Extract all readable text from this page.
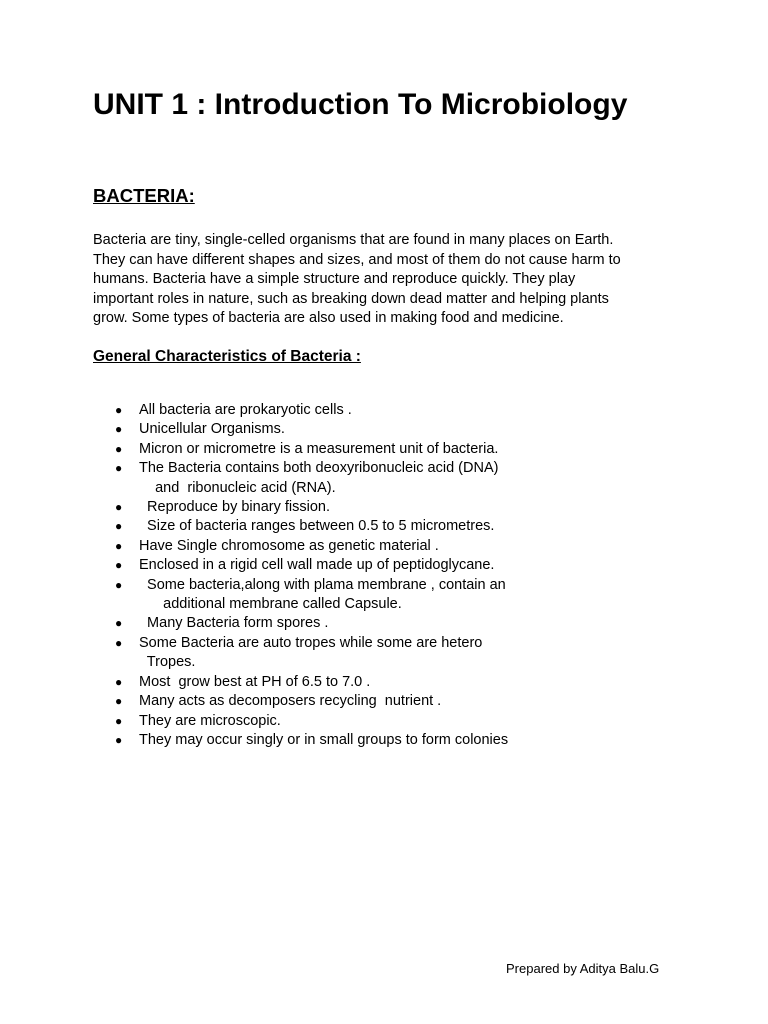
UNIT 1 : Introduction To Microbiology
BACTERIA:

Bacteria are tiny, single-celled organisms that are found in many places on Earth.
They can have different shapes and sizes, and most of them do not cause harm to
humans. Bacteria have a simple structure and reproduce quickly. They play
important roles in nature, such as breaking down dead matter and helping plants
grow. Some types of bacteria are also used in making food and medicine.

General Characteristics of Bacteria :
● All bacteria are prokaryotic cells .
● Unicellular Organisms.
● Micron or micrometre is a measurement unit of bacteria.
● The Bacteria contains both deoxyribonucleic acid (DNA)
and  ribonucleic acid (RNA).
● Reproduce by binary fission.
● Size of bacteria ranges between 0.5 to 5 micrometres.
● Have Single chromosome as genetic material .
● Enclosed in a rigid cell wall made up of peptidoglycane.
● Some bacteria,along with plama membrane , contain an
additional membrane called Capsule.
● Many Bacteria form spores .
● Some Bacteria are auto tropes while some are hetero
Tropes.
● Most  grow best at PH of 6.5 to 7.0 .
● Many acts as decomposers recycling  nutrient .
● They are microscopic.
● They may occur singly or in small groups to form colonies

Prepared by Aditya Balu.G
